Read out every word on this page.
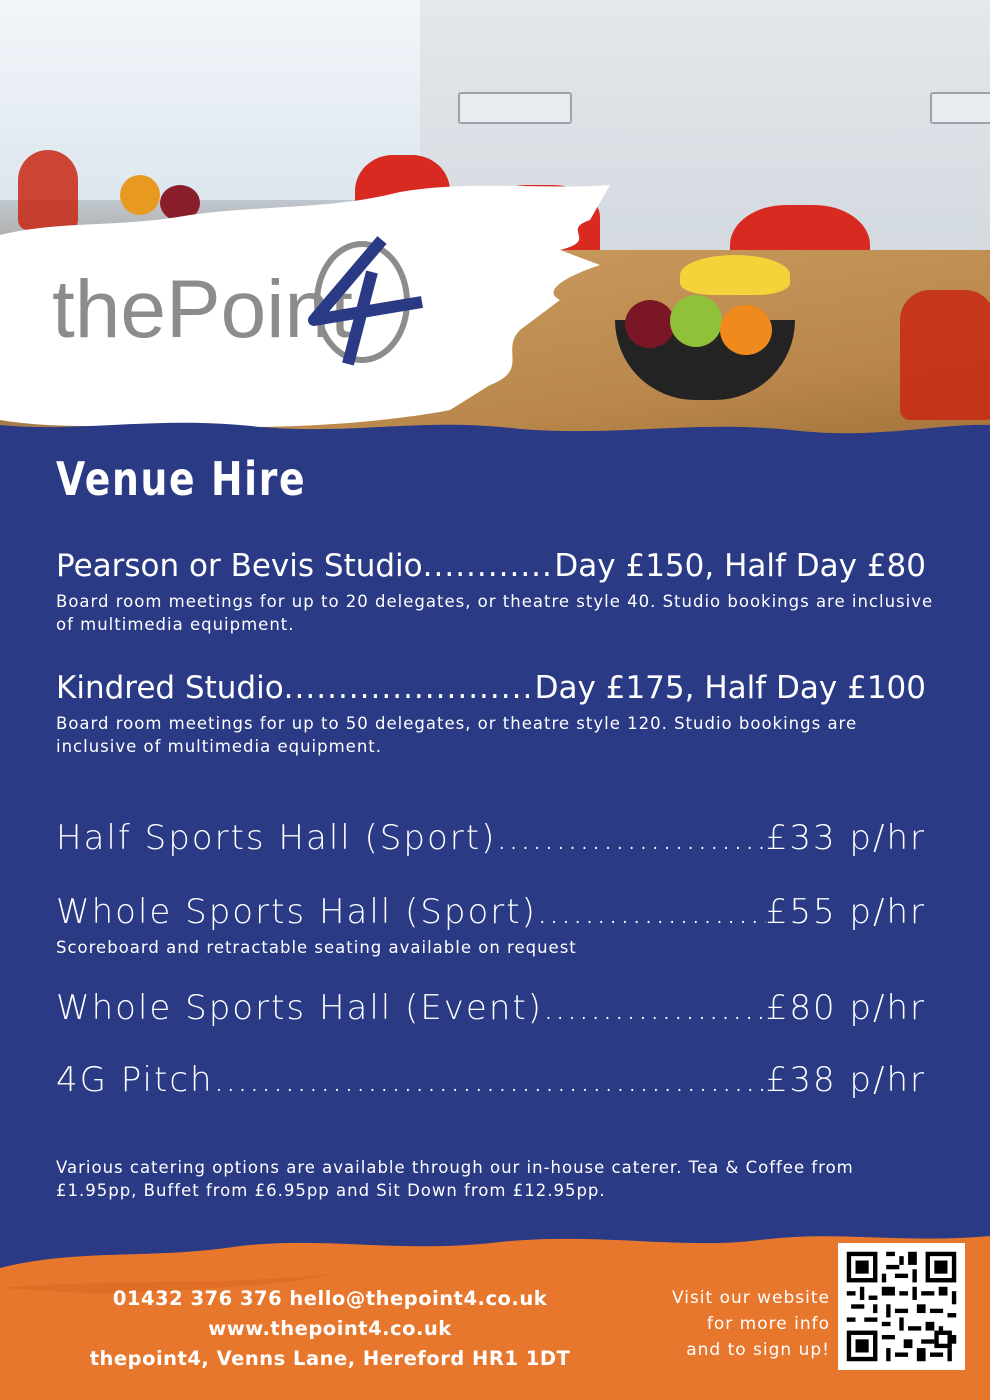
thePoint
Venue Hire
Pearson or Bevis Studio .....	Day £150, Half Day £80
Board room meetings for up to 20 delegates, or theatre style 40. Studio bookings are inclusive of multimedia equipment.
Kindred Studio .....	Day £175, Half Day £100
Board room meetings for up to 50 delegates, or theatre style 120. Studio bookings are inclusive of multimedia equipment.
Half Sports Hall (Sport) .....	£33 p/hr
Whole Sports Hall (Sport) .....	£55 p/hr
Scoreboard and retractable seating available on request
Whole Sports Hall (Event) .....	£80 p/hr
4G Pitch .....	£38 p/hr
Various catering options are available through our in-house caterer. Tea & Coffee from £1.95pp, Buffet from £6.95pp and Sit Down from £12.95pp.
01432 376 376 hello@thepoint4.co.uk
www.thepoint4.co.uk
thepoint4, Venns Lane, Hereford HR1 1DT
Visit our website
for more info
and to sign up!
